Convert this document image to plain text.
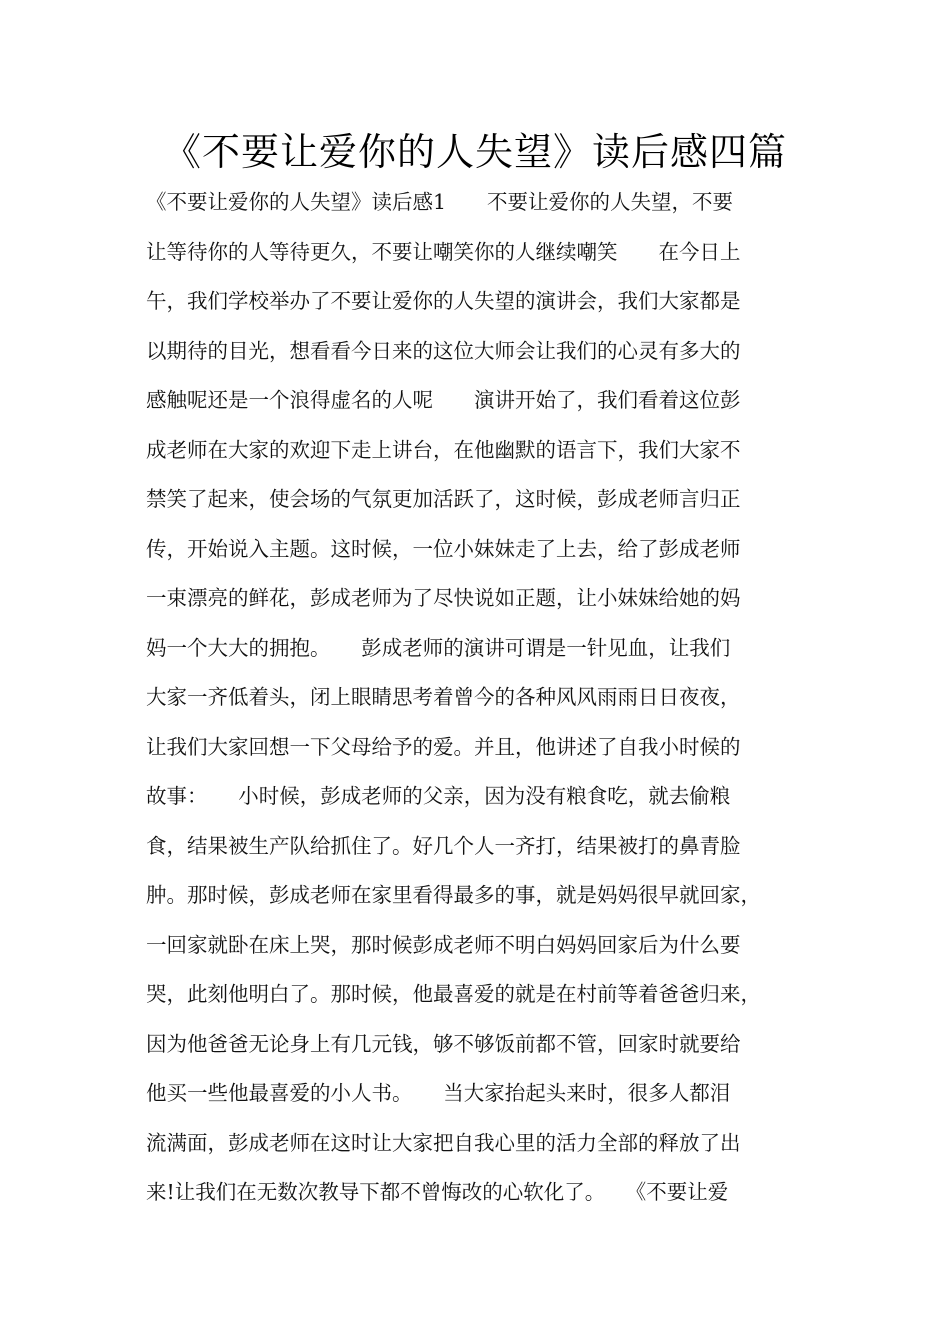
《不要让爱你的人失望》读后感四篇
《不要让爱你的人失望》读后感1　　不要让爱你的人失望，不要
让等待你的人等待更久，不要让嘲笑你的人继续嘲笑　　在今日上
午，我们学校举办了不要让爱你的人失望的演讲会，我们大家都是
以期待的目光，想看看今日来的这位大师会让我们的心灵有多大的
感触呢还是一个浪得虚名的人呢　　演讲开始了，我们看着这位彭
成老师在大家的欢迎下走上讲台，在他幽默的语言下，我们大家不
禁笑了起来，使会场的气氛更加活跃了，这时候，彭成老师言归正
传，开始说入主题。这时候，一位小妹妹走了上去，给了彭成老师
一束漂亮的鲜花，彭成老师为了尽快说如正题，让小妹妹给她的妈
妈一个大大的拥抱。　　彭成老师的演讲可谓是一针见血，让我们
大家一齐低着头，闭上眼睛思考着曾今的各种风风雨雨日日夜夜，
让我们大家回想一下父母给予的爱。并且，他讲述了自我小时候的
故事：　　小时候，彭成老师的父亲，因为没有粮食吃，就去偷粮
食，结果被生产队给抓住了。好几个人一齐打，结果被打的鼻青脸
肿。那时候，彭成老师在家里看得最多的事，就是妈妈很早就回家，
一回家就卧在床上哭，那时候彭成老师不明白妈妈回家后为什么要
哭，此刻他明白了。那时候，他最喜爱的就是在村前等着爸爸归来，
因为他爸爸无论身上有几元钱，够不够饭前都不管，回家时就要给
他买一些他最喜爱的小人书。　　当大家抬起头来时，很多人都泪
流满面，彭成老师在这时让大家把自我心里的活力全部的释放了出
来!让我们在无数次教导下都不曾悔改的心软化了。　　《不要让爱
